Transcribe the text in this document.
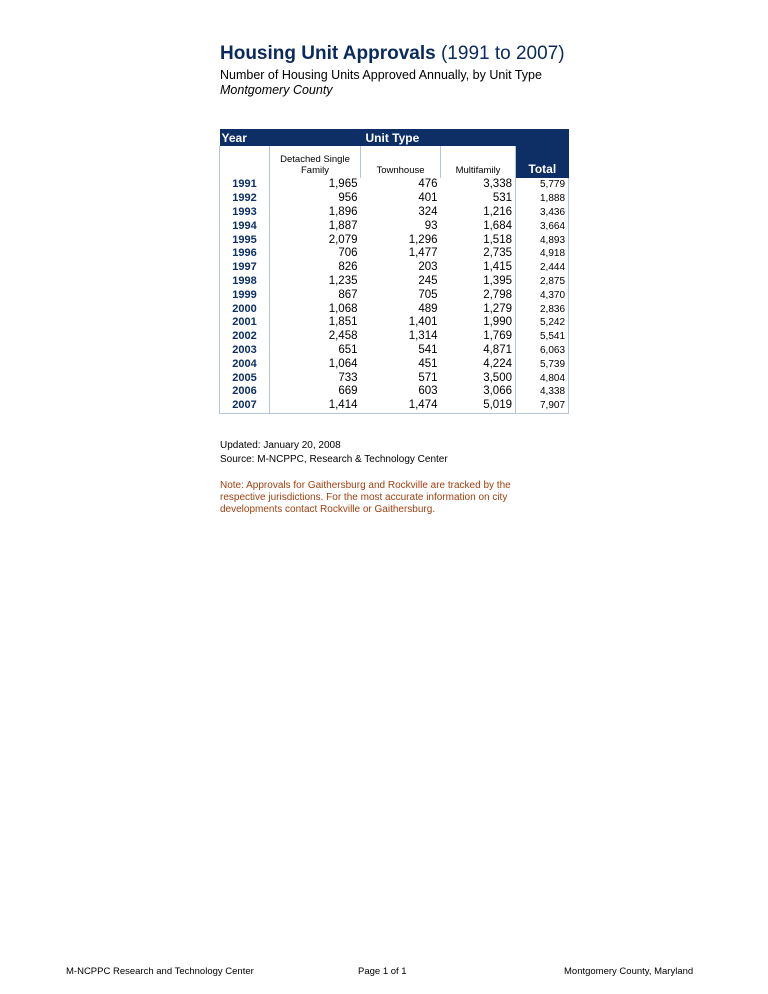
Housing Unit Approvals (1991 to 2007)
Number of Housing Units Approved Annually, by Unit Type
Montgomery County
Year	Unit Type			
	Detached Single Family	Townhouse	Multifamily	Total
1991	1,965	476	3,338	5,779
1992	956	401	531	1,888
1993	1,896	324	1,216	3,436
1994	1,887	93	1,684	3,664
1995	2,079	1,296	1,518	4,893
1996	706	1,477	2,735	4,918
1997	826	203	1,415	2,444
1998	1,235	245	1,395	2,875
1999	867	705	2,798	4,370
2000	1,068	489	1,279	2,836
2001	1,851	1,401	1,990	5,242
2002	2,458	1,314	1,769	5,541
2003	651	541	4,871	6,063
2004	1,064	451	4,224	5,739
2005	733	571	3,500	4,804
2006	669	603	3,066	4,338
2007	1,414	1,474	5,019	7,907
Updated: January 20, 2008
Source: M-NCPPC, Research & Technology Center
Note: Approvals for Gaithersburg and Rockville are tracked by the respective jurisdictions. For the most accurate information on city developments contact Rockville or Gaithersburg.
M-NCPPC Research and Technology Center	Page 1 of 1	Montgomery County, Maryland
